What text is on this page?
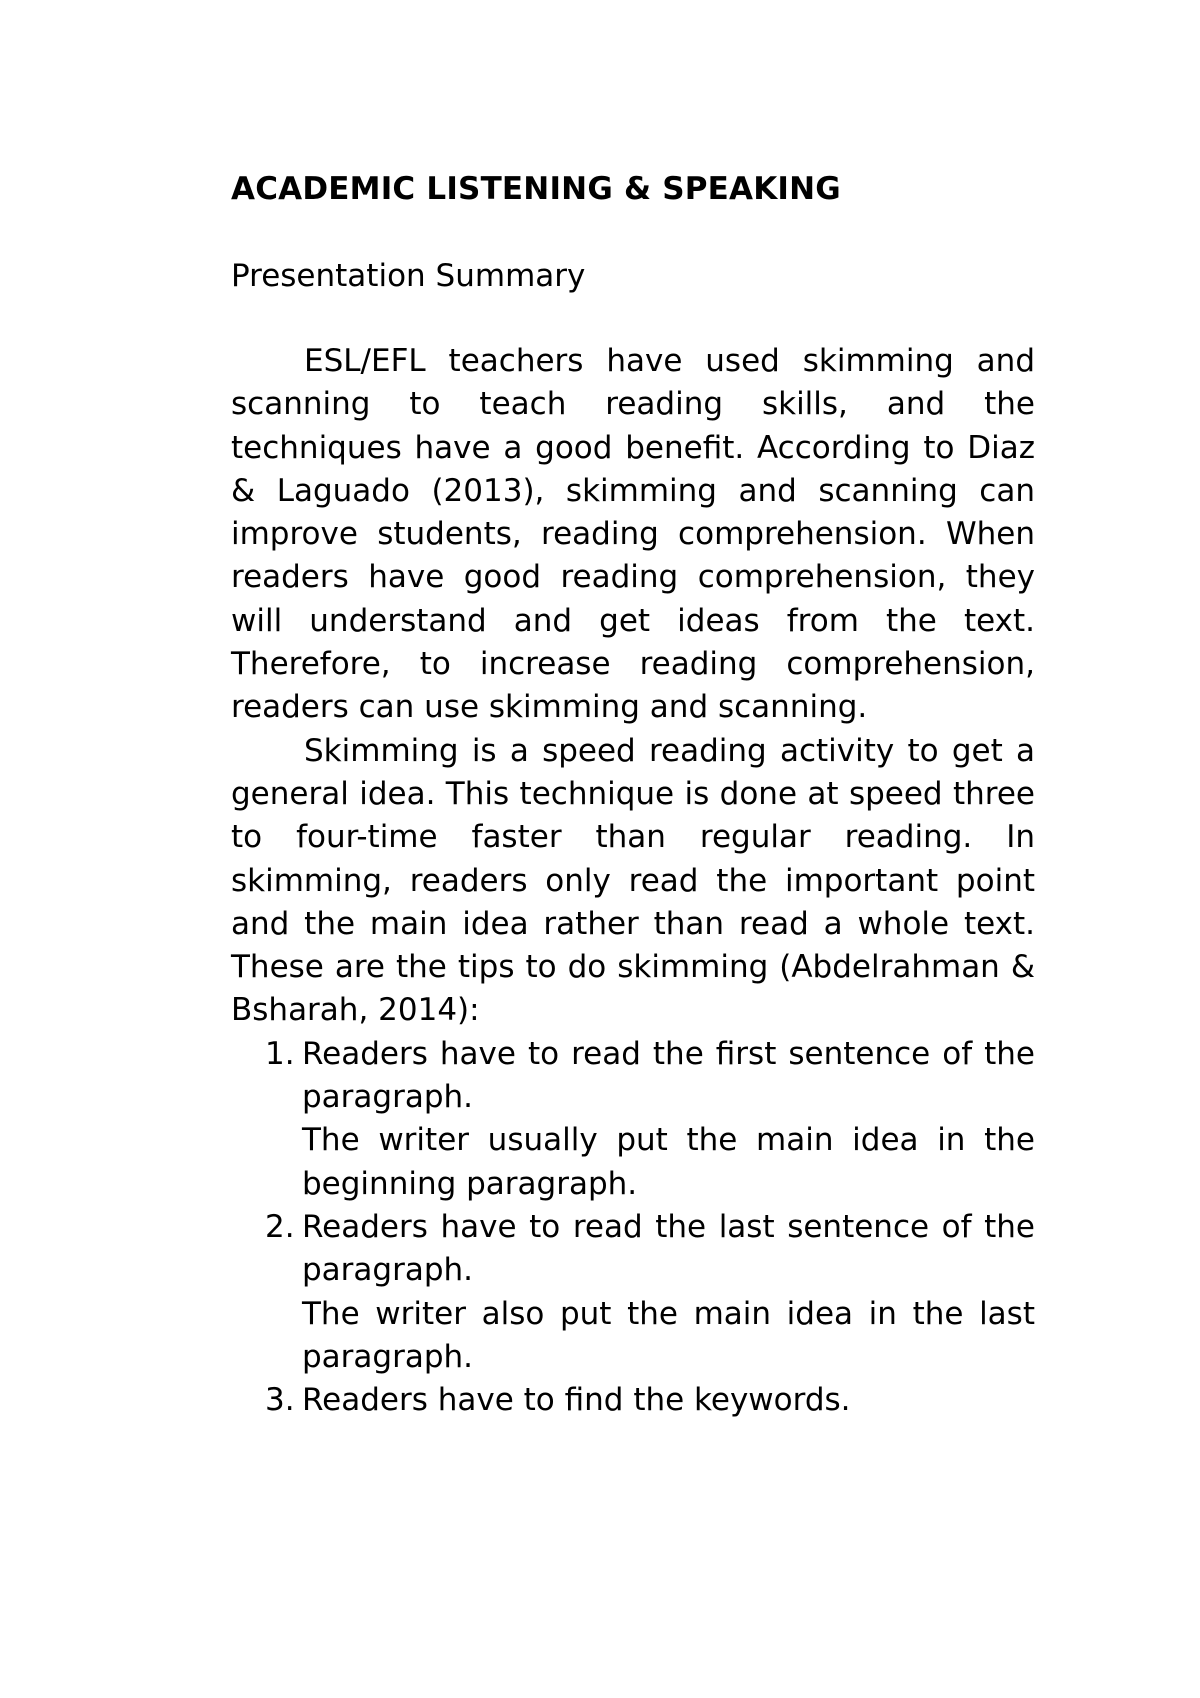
ACADEMIC LISTENING & SPEAKING

Presentation Summary

ESL/EFL teachers have used skimming and scanning to teach reading skills, and the techniques have a good benefit. According to Diaz & Laguado (2013), skimming and scanning can improve students, reading comprehension. When readers have good reading comprehension, they will understand and get ideas from the text. Therefore, to increase reading comprehension, readers can use skimming and scanning.

Skimming is a speed reading activity to get a general idea. This technique is done at speed three to four-time faster than regular reading. In skimming, readers only read the important point and the main idea rather than read a whole text. These are the tips to do skimming (Abdelrahman & Bsharah, 2014):

1. Readers have to read the first sentence of the paragraph.
The writer usually put the main idea in the beginning paragraph.
2. Readers have to read the last sentence of the paragraph.
The writer also put the main idea in the last paragraph.
3. Readers have to find the keywords.
